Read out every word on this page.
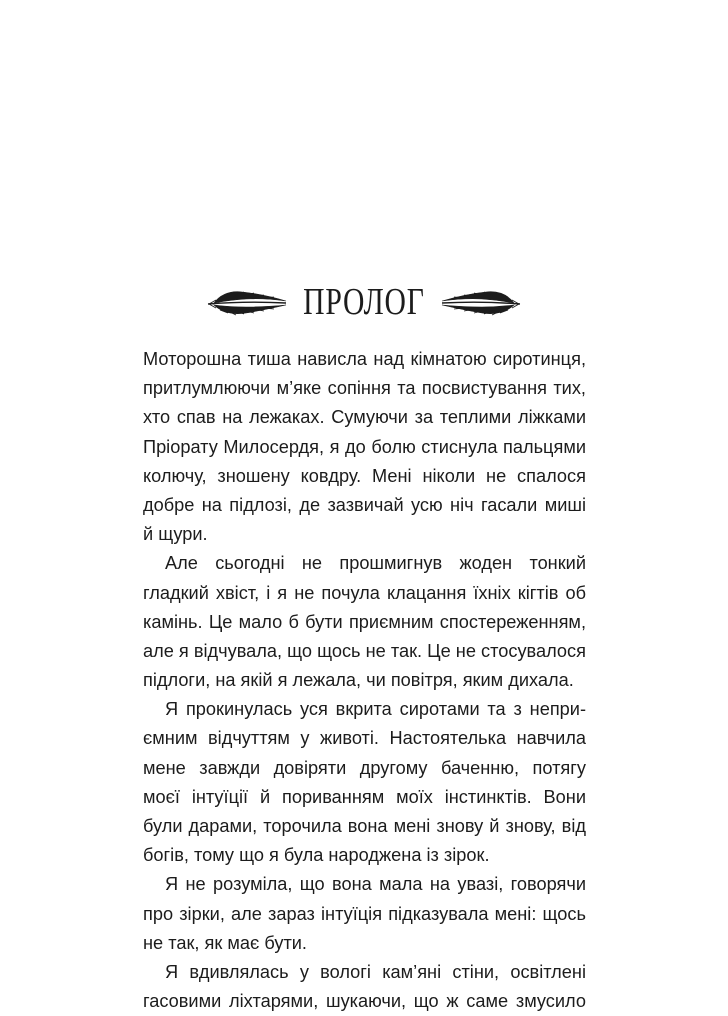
ПРОЛОГ
Моторошна тиша нависла над кімнатою сиротинця,
притлумлюючи м’яке сопіння та посвистування тих,
хто спав на лежаках. Сумуючи за теплими ліжками
Пріорату Милосердя, я до болю стиснула пальцями
колючу, зношену ковдру. Мені ніколи не спалося
добре на підлозі, де зазвичай усю ніч гасали миші
й щури.
Але сьогодні не прошмигнув жоден тонкий
гладкий хвіст, і я не почула клацання їхніх кігтів об
камінь. Це мало б бути приємним спостереженням,
але я відчувала, що щось не так. Це не стосувалося
підлоги, на якій я лежала, чи повітря, яким дихала.
Я прокинулась уся вкрита сиротами та з непри-
ємним відчуттям у животі. Настоятелька навчила
мене завжди довіряти другому баченню, потягу
моєї інтуїції й пориванням моїх інстинктів. Вони
були дарами, торочила вона мені знову й знову, від
богів, тому що я була народжена із зірок.
Я не розуміла, що вона мала на увазі, говорячи
про зірки, але зараз інтуїція підказувала мені: щось
не так, як має бути.
Я вдивлялась у вологі кам’яні стіни, освітлені
гасовими ліхтарями, шукаючи, що ж саме змусило
